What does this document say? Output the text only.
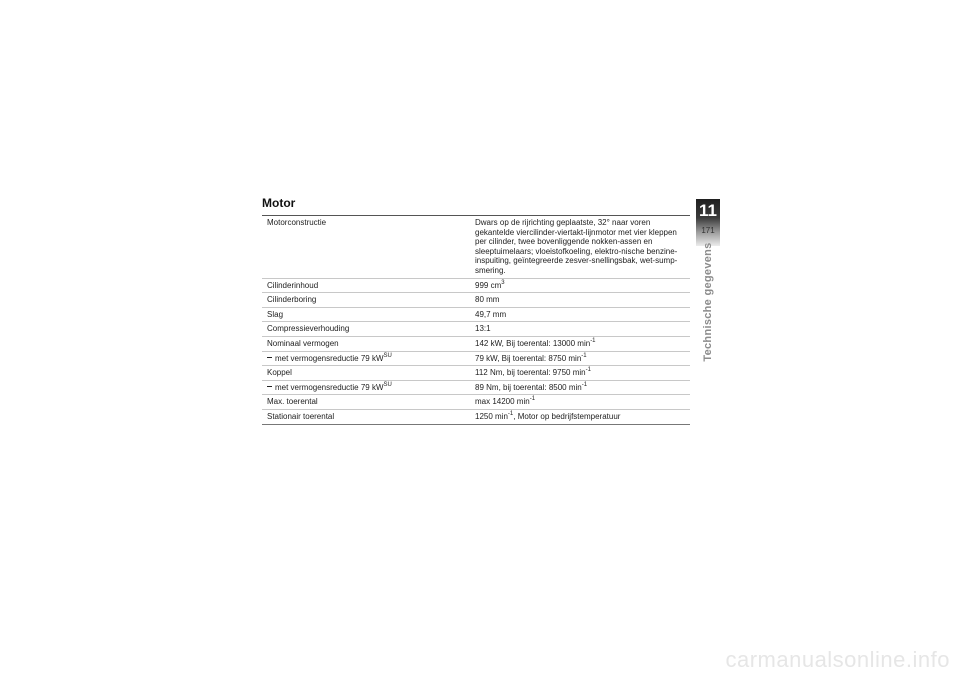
Motor
Motorconstructie	Dwars op de rijrichting geplaatste, 32° naar voren gekantelde viercilinder-viertakt-lijnmotor met vier kleppen per cilinder, twee bovenliggende nokken-assen en sleeptuimelaars; vloeistofkoeling, elektro-nische benzine-inspuiting, geïntegreerde zesver-snellingsbak, wet-sump-smering.
Cilinderinhoud	999 $cm^3$
Cilinderboring	80 mm
Slag	49,7 mm
Compressieverhouding	13:1
Nominaal vermogen	142 kW, Bij toerental: 13000 $\min^{-1}$
met vermogensreductie 79 $kW^{SU}$	79 kW, Bij toerental: 8750 $\min^{-1}$
Koppel	112 Nm, bij toerental: 9750 $\min^{-1}$
met vermogensreductie 79 $kW^{SU}$	89 Nm, bij toerental: 8500 $\min^{-1}$
Max. toerental	max 14200 $\min^{-1}$
Stationair toerental	1250 $\min^{-1}$, Motor op bedrijfstemperatuur
11
171
Technische gegevens
carmanualsonline.info
